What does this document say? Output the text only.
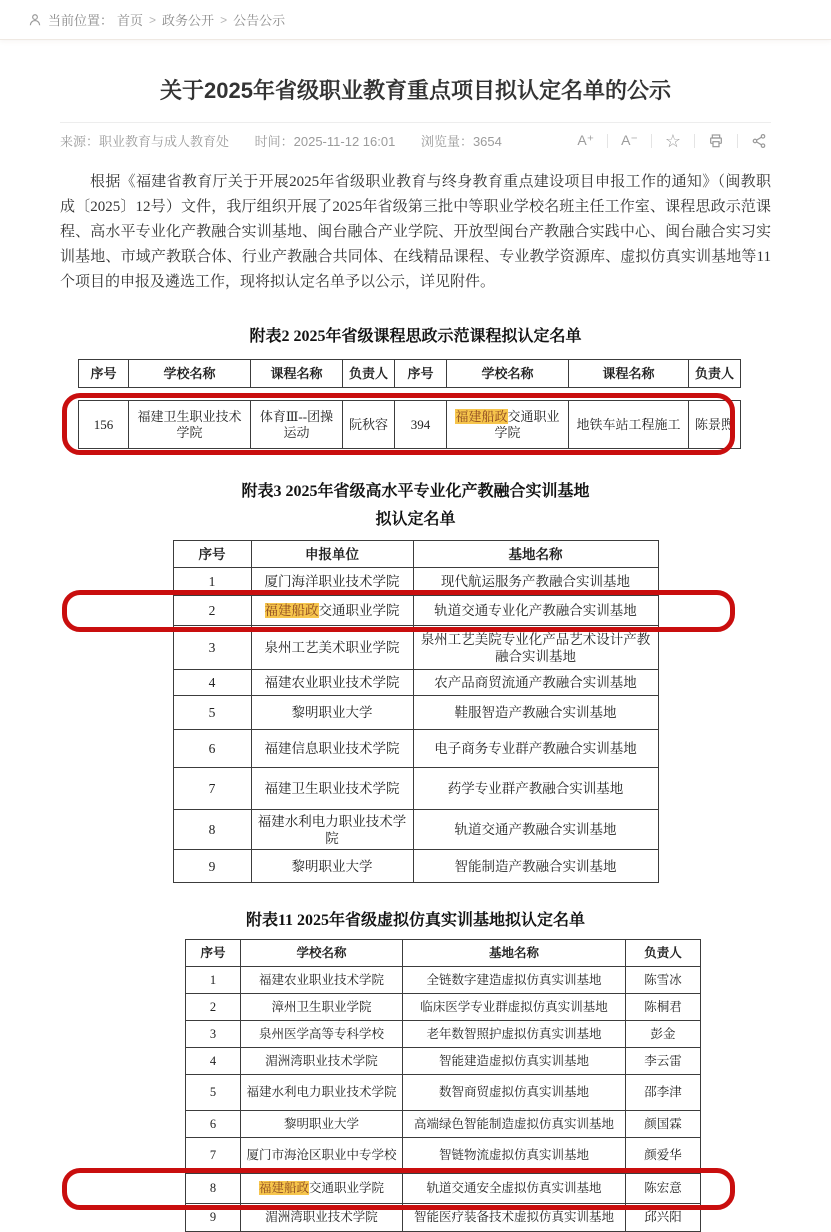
当前位置： 首页 > 政务公开 > 公告公示
关于2025年省级职业教育重点项目拟认定名单的公示
来源：职业教育与成人教育处 时间：2025-11-12 16:01 浏览量：3654	A⁺ A⁻ ☆

根据《福建省教育厅关于开展2025年省级职业教育与终身教育重点建设项目申报工作的通知》（闽教职成〔2025〕12号）文件，我厅组织开展了2025年省级第三批中等职业学校名班主任工作室、课程思政示范课程、高水平专业化产教融合实训基地、闽台融合产业学院、开放型闽台产教融合实践中心、闽台融合实习实训基地、市域产教联合体、行业产教融合共同体、在线精品课程、专业教学资源库、虚拟仿真实训基地等11个项目的申报及遴选工作，现将拟认定名单予以公示，详见附件。

附表2 2025年省级课程思政示范课程拟认定名单
序号	学校名称	课程名称	负责人	序号	学校名称	课程名称	负责人
156	福建卫生职业技术学院	体育Ⅲ--团操运动	阮秋容	394	福建船政交通职业学院	地铁车站工程施工	陈景煦
附表3 2025年省级高水平专业化产教融合实训基地
拟认定名单
序号	申报单位	基地名称
1	厦门海洋职业技术学院	现代航运服务产教融合实训基地
2	福建船政交通职业学院	轨道交通专业化产教融合实训基地
3	泉州工艺美术职业学院	泉州工艺美院专业化产品艺术设计产教融合实训基地
4	福建农业职业技术学院	农产品商贸流通产教融合实训基地
5	黎明职业大学	鞋服智造产教融合实训基地
6	福建信息职业技术学院	电子商务专业群产教融合实训基地
7	福建卫生职业技术学院	药学专业群产教融合实训基地
8	福建水利电力职业技术学院	轨道交通产教融合实训基地
9	黎明职业大学	智能制造产教融合实训基地
附表11 2025年省级虚拟仿真实训基地拟认定名单
序号	学校名称	基地名称	负责人
1	福建农业职业技术学院	全链数字建造虚拟仿真实训基地	陈雪冰
2	漳州卫生职业学院	临床医学专业群虚拟仿真实训基地	陈桐君
3	泉州医学高等专科学校	老年数智照护虚拟仿真实训基地	彭金
4	湄洲湾职业技术学院	智能建造虚拟仿真实训基地	李云雷
5	福建水利电力职业技术学院	数智商贸虚拟仿真实训基地	邵李津
6	黎明职业大学	高端绿色智能制造虚拟仿真实训基地	颜国霖
7	厦门市海沧区职业中专学校	智链物流虚拟仿真实训基地	颜爱华
8	福建船政交通职业学院	轨道交通安全虚拟仿真实训基地	陈宏意
9	湄洲湾职业技术学院	智能医疗装备技术虚拟仿真实训基地	邱兴阳
